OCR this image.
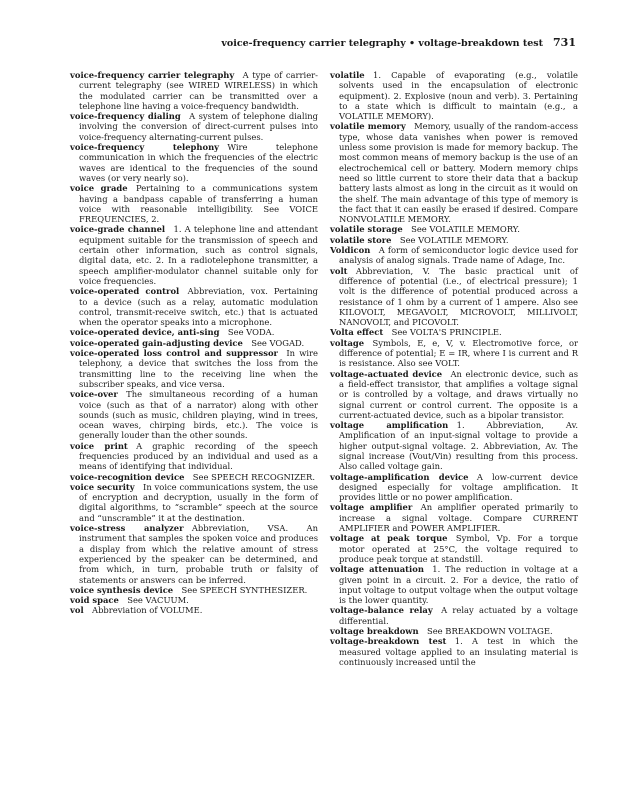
voice-frequency carrier telegraphy • voltage-breakdown test 731

voice-frequency carrier telegraphy  A type of carrier-current telegraphy (see WIRED WIRELESS) in which the modulated carrier can be transmitted over a telephone line having a voice-frequency bandwidth.

voice-frequency dialing  A system of telephone dialing involving the conversion of direct-current pulses into voice-frequency alternating-current pulses.

voice-frequency telephony  Wire telephone communication in which the frequencies of the electric waves are identical to the frequencies of the sound waves (or very nearly so).

voice grade  Pertaining to a communications system having a bandpass capable of transferring a human voice with reasonable intelligibility. See VOICE FREQUENCIES, 2.

voice-grade channel  1. A telephone line and attendant equipment suitable for the transmission of speech and certain other information, such as control signals, digital data, etc. 2. In a radiotelephone transmitter, a speech amplifier-modulator channel suitable only for voice frequencies.

voice-operated control  Abbreviation, vox. Pertaining to a device (such as a relay, automatic modulation control, transmit-receive switch, etc.) that is actuated when the operator speaks into a microphone.

voice-operated device, anti-sing  See VODA.

voice-operated gain-adjusting device  See VOGAD.

voice-operated loss control and suppressor  In wire telephony, a device that switches the loss from the transmitting line to the receiving line when the subscriber speaks, and vice versa.

voice-over  The simultaneous recording of a human voice (such as that of a narrator) along with other sounds (such as music, children playing, wind in trees, ocean waves, chirping birds, etc.). The voice is generally louder than the other sounds.

voice print  A graphic recording of the speech frequencies produced by an individual and used as a means of identifying that individual.

voice-recognition device  See SPEECH RECOGNIZER.

voice security  In voice communications system, the use of encryption and decryption, usually in the form of digital algorithms, to “scramble” speech at the source and “unscramble” it at the destination.

voice-stress analyzer  Abbreviation, VSA. An instrument that samples the spoken voice and produces a display from which the relative amount of stress experienced by the speaker can be determined, and from which, in turn, probable truth or falsity of statements or answers can be inferred.

voice synthesis device  See SPEECH SYNTHESIZER.

void space  See VACUUM.

vol  Abbreviation of VOLUME.

volatile  1. Capable of evaporating (e.g., volatile solvents used in the encapsulation of electronic equipment). 2. Explosive (noun and verb). 3. Pertaining to a state which is difficult to maintain (e.g., a VOLATILE MEMORY).

volatile memory  Memory, usually of the random-access type, whose data vanishes when power is removed unless some provision is made for memory backup. The most common means of memory backup is the use of an electrochemical cell or battery. Modern memory chips need so little current to store their data that a backup battery lasts almost as long in the circuit as it would on the shelf. The main advantage of this type of memory is the fact that it can easily be erased if desired. Compare NONVOLATILE MEMORY.

volatile storage  See VOLATILE MEMORY.

volatile store  See VOLATILE MEMORY.

Voldicon  A form of semiconductor logic device used for analysis of analog signals. Trade name of Adage, Inc.

volt  Abbreviation, V. The basic practical unit of difference of potential (i.e., of electrical pressure); 1 volt is the difference of potential produced across a resistance of 1 ohm by a current of 1 ampere. Also see KILOVOLT, MEGAVOLT, MICROVOLT, MILLIVOLT, NANOVOLT, and PICOVOLT.

Volta effect  See VOLTA'S PRINCIPLE.

voltage  Symbols, E, e, V, v. Electromotive force, or difference of potential; E = IR, where I is current and R is resistance. Also see VOLT.

voltage-actuated device  An electronic device, such as a field-effect transistor, that amplifies a voltage signal or is controlled by a voltage, and draws virtually no signal current or control current. The opposite is a current-actuated device, such as a bipolar transistor.

voltage amplification  1. Abbreviation, Av. Amplification of an input-signal voltage to provide a higher output-signal voltage. 2. Abbreviation, Av. The signal increase (Vout/Vin) resulting from this process. Also called voltage gain.

voltage-amplification device  A low-current device designed especially for voltage amplification. It provides little or no power amplification.

voltage amplifier  An amplifier operated primarily to increase a signal voltage. Compare CURRENT AMPLIFIER and POWER AMPLIFIER.

voltage at peak torque  Symbol, Vp. For a torque motor operated at 25°C, the voltage required to produce peak torque at standstill.

voltage attenuation  1. The reduction in voltage at a given point in a circuit. 2. For a device, the ratio of input voltage to output voltage when the output voltage is the lower quantity.

voltage-balance relay  A relay actuated by a voltage differential.

voltage breakdown  See BREAKDOWN VOLTAGE.

voltage-breakdown test  1. A test in which the measured voltage applied to an insulating material is continuously increased until the
